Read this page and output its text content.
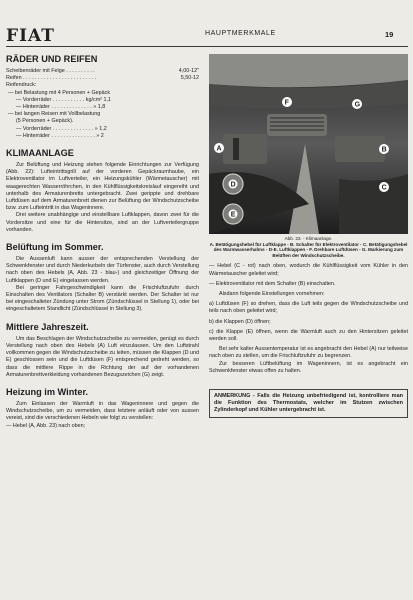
FIAT	HAUPTMERKMALE	19
RÄDER UND REIFEN
Scheibenräder mit Felge . . . . . . . . . .	4,00-12"
Reifen . . . . . . . . . . . . . . . . . . . . . . . . .	5,50-12
Reifendruck:
— bei Belastung mit 4 Personen + Gepäck
— Vorderräder . . . . . . . . . . . kg/cm² 1,1
— Hinterräder . . . . . . . . . . . . . . » 1,8
— bei langen Reisen mit Vollbelastung
(5 Personen + Gepäck).
— Vorderräder . . . . . . . . . . . . . . » 1,2
— Hinterräder . . . . . . . . . . . . . . . » 2
KLIMAANLAGE

Zur Belüftung und Heizung stehen folgende Einrichtungen zur Verfügung (Abb. 22): Lufteintrittsgrill auf der vorderen Gepäckraumhaube, ein Elektroventilator im Luftverteiler, ein Heizungskühler (Wärmetauscher) mit waagerechten Wasserröhrchen, in den Kühlflüssigkeitskreislauf eingereiht und unterhalb des Armaturenbretts untergebracht. Zwei gerippte und drehbare Luftdüsen auf dem Armaturenbrett dienen zur Belüftung der Windschutzscheibe bzw. zum Lufteintritt in das Wageninnere.

Drei weitere unabhängige und einstellbare Luftklappen, davon zwei für die Vordersitze und eine für die Hintersitze, sind an der Luftverteilergruppe vorhanden.

Belüftung im Sommer.

Die Aussenluft kann ausser der entsprechenden Verstellung der Schwenkfenster und durch Niederkurbeln der Türfenster, auch durch Verstellung nach oben des Hebels (A, Abb. 23 - blau-) und gleichzeitiger Öffnung der Luftklappen (D und E) eingelassen werden.

Bei geringer Fahrgeschwindigkeit kann die Frischluftzufuhr durch Einschalten des Ventilators (Schalter B) verstärkt werden. Der Schalter ist nur bei eingeschalteter Zündung unter Strom (Zündschlüssel in Stellung 1), oder bei eingeschaltetem Standlicht (Zündschlüssel in Stellung 3).

Mittlere Jahreszeit.

Um das Beschlagen der Windschutzscheibe zu vermeiden, genügt es durch Verstellung nach oben des Hebels (A) Luft einzulassen. Um den Luftstrahl vollkommen gegen die Windschutzscheibe zu leiten, müssen die Klappen (D und E) geschlossen sein und die Luftdüsen (F) entsprechend gedreht werden, so dass die mittlere Rippe in die Richtung der auf der vorhandenen Armaturenbrettverkleidung vorhandenen Bezugszeichen (G) zeigt.

Heizung im Winter.

Zum Einlassen der Warmluft in das Wageninnere und gegen die Windschutzscheibe, um zu vermeiden, dass letztere anläuft oder von aussen vereist, sind die verschiedenen Hebeln wie folgt zu verstellen:

— Hebel (A, Abb. 23) nach oben;

F	G
A	B
C
D
E
Abb. 23. - Klimaanlage.
A. Betätigungshebel für Luftklappe - B. Schalter für Elektroventilator - C. Betätigungshebel des Warmwasserhahns - D-E. Luftklappen - F. Drehbare Luftdüsen - G. Markierung zum Belüften der Windschutzscheibe.

— Hebel (C - rot) nach oben, wodurch die Kühlflüssigkeit vom Kühler in den Wärmetauscher geleitet wird;

— Elektroventilator mit dem Schalter (B) einschalten.

Alsdann folgende Einstellungen vornehmen:

a) Luftdüsen (F) so drehen, dass die Luft teils gegen die Windschutzscheibe und teils nach oben geleitet wird;

b) die Klappen (D) öffnen;

c) die Klappe (E) öffnen, wenn die Warmluft auch zu den Hintersitzen geleitet werden soll.

Bei sehr kalter Aussentemperatur ist es angebracht den Hebel (A) nur teilweise nach oben zu stellen, um die Frischluftzufuhr zu begrenzen.

Zur besseren Lüftbelüftung im Wageninnern, ist es angebracht ein Schwenkfenster etwas offen zu halten.

ANMERKUNG - Falls die Heizung unbefriedigend ist, kontrolliere man die Funktion des Thermostats, welcher im Stutzen zwischen Zylinderkopf und Kühler untergebracht ist.
